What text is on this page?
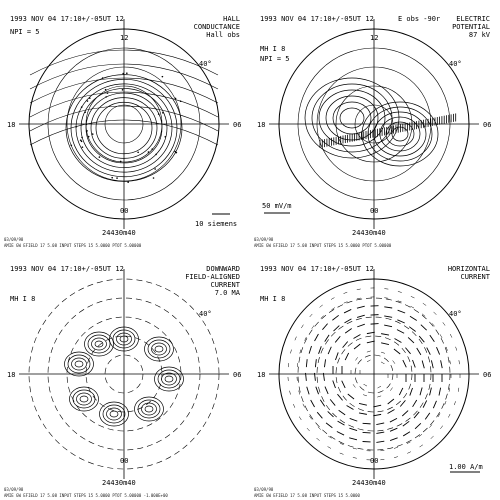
1993 NOV 04 17:10+/-05UT 12	HALL
CONDUCTANCE
Hall obs
NPI = 5
18	06
12
00
40°
10 siemens
24430m40
03/09/98
AMIE GW EFIELD 17 5.08 INPUT STEPS 15 5.0000 PTOT 5.00000
1993 NOV 04 17:10+/-05UT 12	E obs -90r	ELECTRIC
POTENTIAL
87 kV
MH I 8
NPI = 5
18	06
12
00
40°
50 mV/m
24430m40
03/09/98
AMIE GW EFIELD 17 5.08 INPUT STEPS 15 5.0000 PTOT 5.00000
1993 NOV 04 17:10+/-05UT 12	DOWNWARD
FIELD-ALIGNED
CURRENT
7.0 MA
MH I 8
18	06
00
40°
24430m40
03/09/98
AMIE GW EFIELD 17 5.08 INPUT STEPS 15 5.0000 PTOT 5.00000 -1.000E+00
1993 NOV 04 17:10+/-05UT 12	HORIZONTAL
CURRENT
MH I 8
18	06
00
40°
1.00 A/m
24430m40
03/09/98
AMIE GW EFIELD 17 5.08 INPUT STEPS 15 5.0000
